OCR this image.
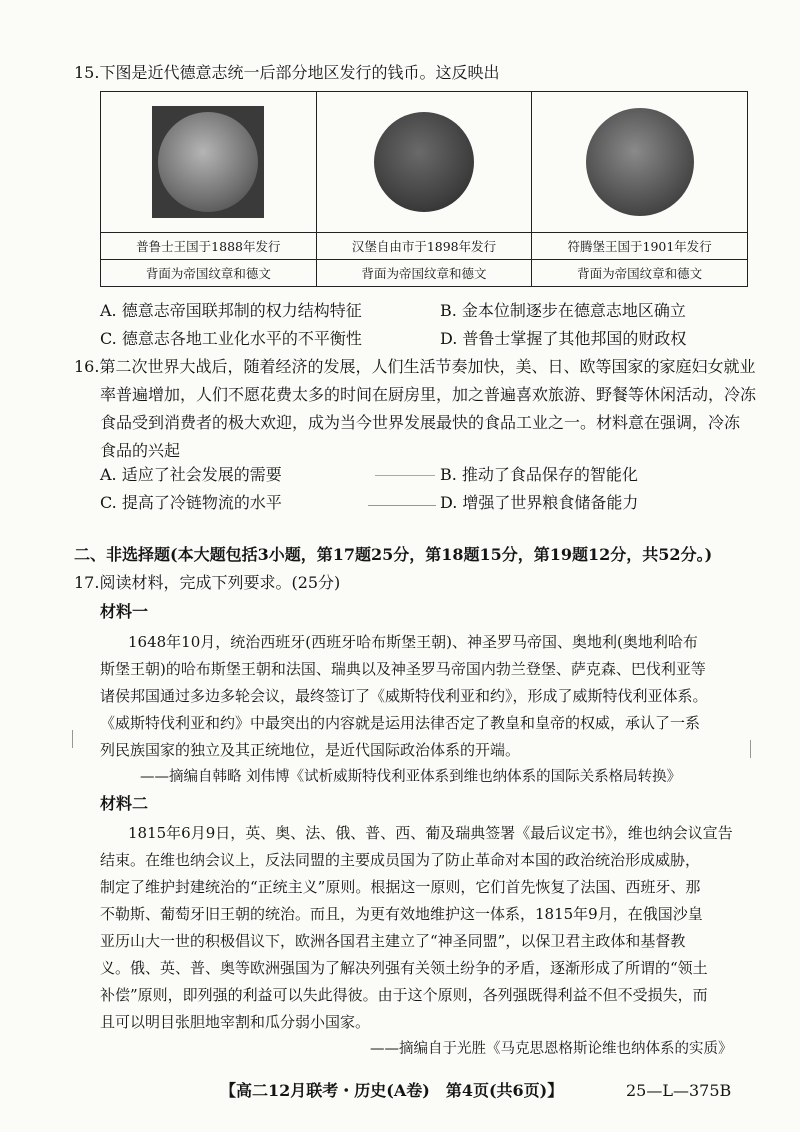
15.下图是近代德意志统一后部分地区发行的钱币。这反映出

普鲁士王国于1888年发行	汉堡自由市于1898年发行	符腾堡王国于1901年发行
背面为帝国纹章和德文	背面为帝国纹章和德文	背面为帝国纹章和德文
A. 德意志帝国联邦制的权力结构特征	B. 金本位制逐步在德意志地区确立
C. 德意志各地工业化水平的不平衡性	D. 普鲁士掌握了其他邦国的财政权
16.第二次世界大战后，随着经济的发展，人们生活节奏加快，美、日、欧等国家的家庭妇女就业
率普遍增加，人们不愿花费太多的时间在厨房里，加之普遍喜欢旅游、野餐等休闲活动，冷冻
食品受到消费者的极大欢迎，成为当今世界发展最快的食品工业之一。材料意在强调，冷冻
食品的兴起
A. 适应了社会发展的需要	B. 推动了食品保存的智能化
C. 提高了冷链物流的水平	D. 增强了世界粮食储备能力
二、非选择题(本大题包括3小题，第17题25分，第18题15分，第19题12分，共52分。)
17.阅读材料，完成下列要求。(25分)
材料一
1648年10月，统治西班牙(西班牙哈布斯堡王朝)、神圣罗马帝国、奥地利(奥地利哈布
斯堡王朝)的哈布斯堡王朝和法国、瑞典以及神圣罗马帝国内勃兰登堡、萨克森、巴伐利亚等
诸侯邦国通过多边多轮会议，最终签订了《威斯特伐利亚和约》，形成了威斯特伐利亚体系。
《威斯特伐利亚和约》中最突出的内容就是运用法律否定了教皇和皇帝的权威，承认了一系
列民族国家的独立及其正统地位，是近代国际政治体系的开端。
——摘编自韩略 刘伟博《试析威斯特伐利亚体系到维也纳体系的国际关系格局转换》
材料二
1815年6月9日，英、奥、法、俄、普、西、葡及瑞典签署《最后议定书》，维也纳会议宣告
结束。在维也纳会议上，反法同盟的主要成员国为了防止革命对本国的政治统治形成威胁，
制定了维护封建统治的“正统主义”原则。根据这一原则，它们首先恢复了法国、西班牙、那
不勒斯、葡萄牙旧王朝的统治。而且，为更有效地维护这一体系，1815年9月，在俄国沙皇
亚历山大一世的积极倡议下，欧洲各国君主建立了“神圣同盟”，以保卫君主政体和基督教
义。俄、英、普、奥等欧洲强国为了解决列强有关领土纷争的矛盾，逐渐形成了所谓的“领土
补偿”原则，即列强的利益可以失此得彼。由于这个原则，各列强既得利益不但不受损失，而
且可以明目张胆地宰割和瓜分弱小国家。
——摘编自于光胜《马克思恩格斯论维也纳体系的实质》
【高二12月联考・历史(A卷)　第4页(共6页)】	25—L—375B
